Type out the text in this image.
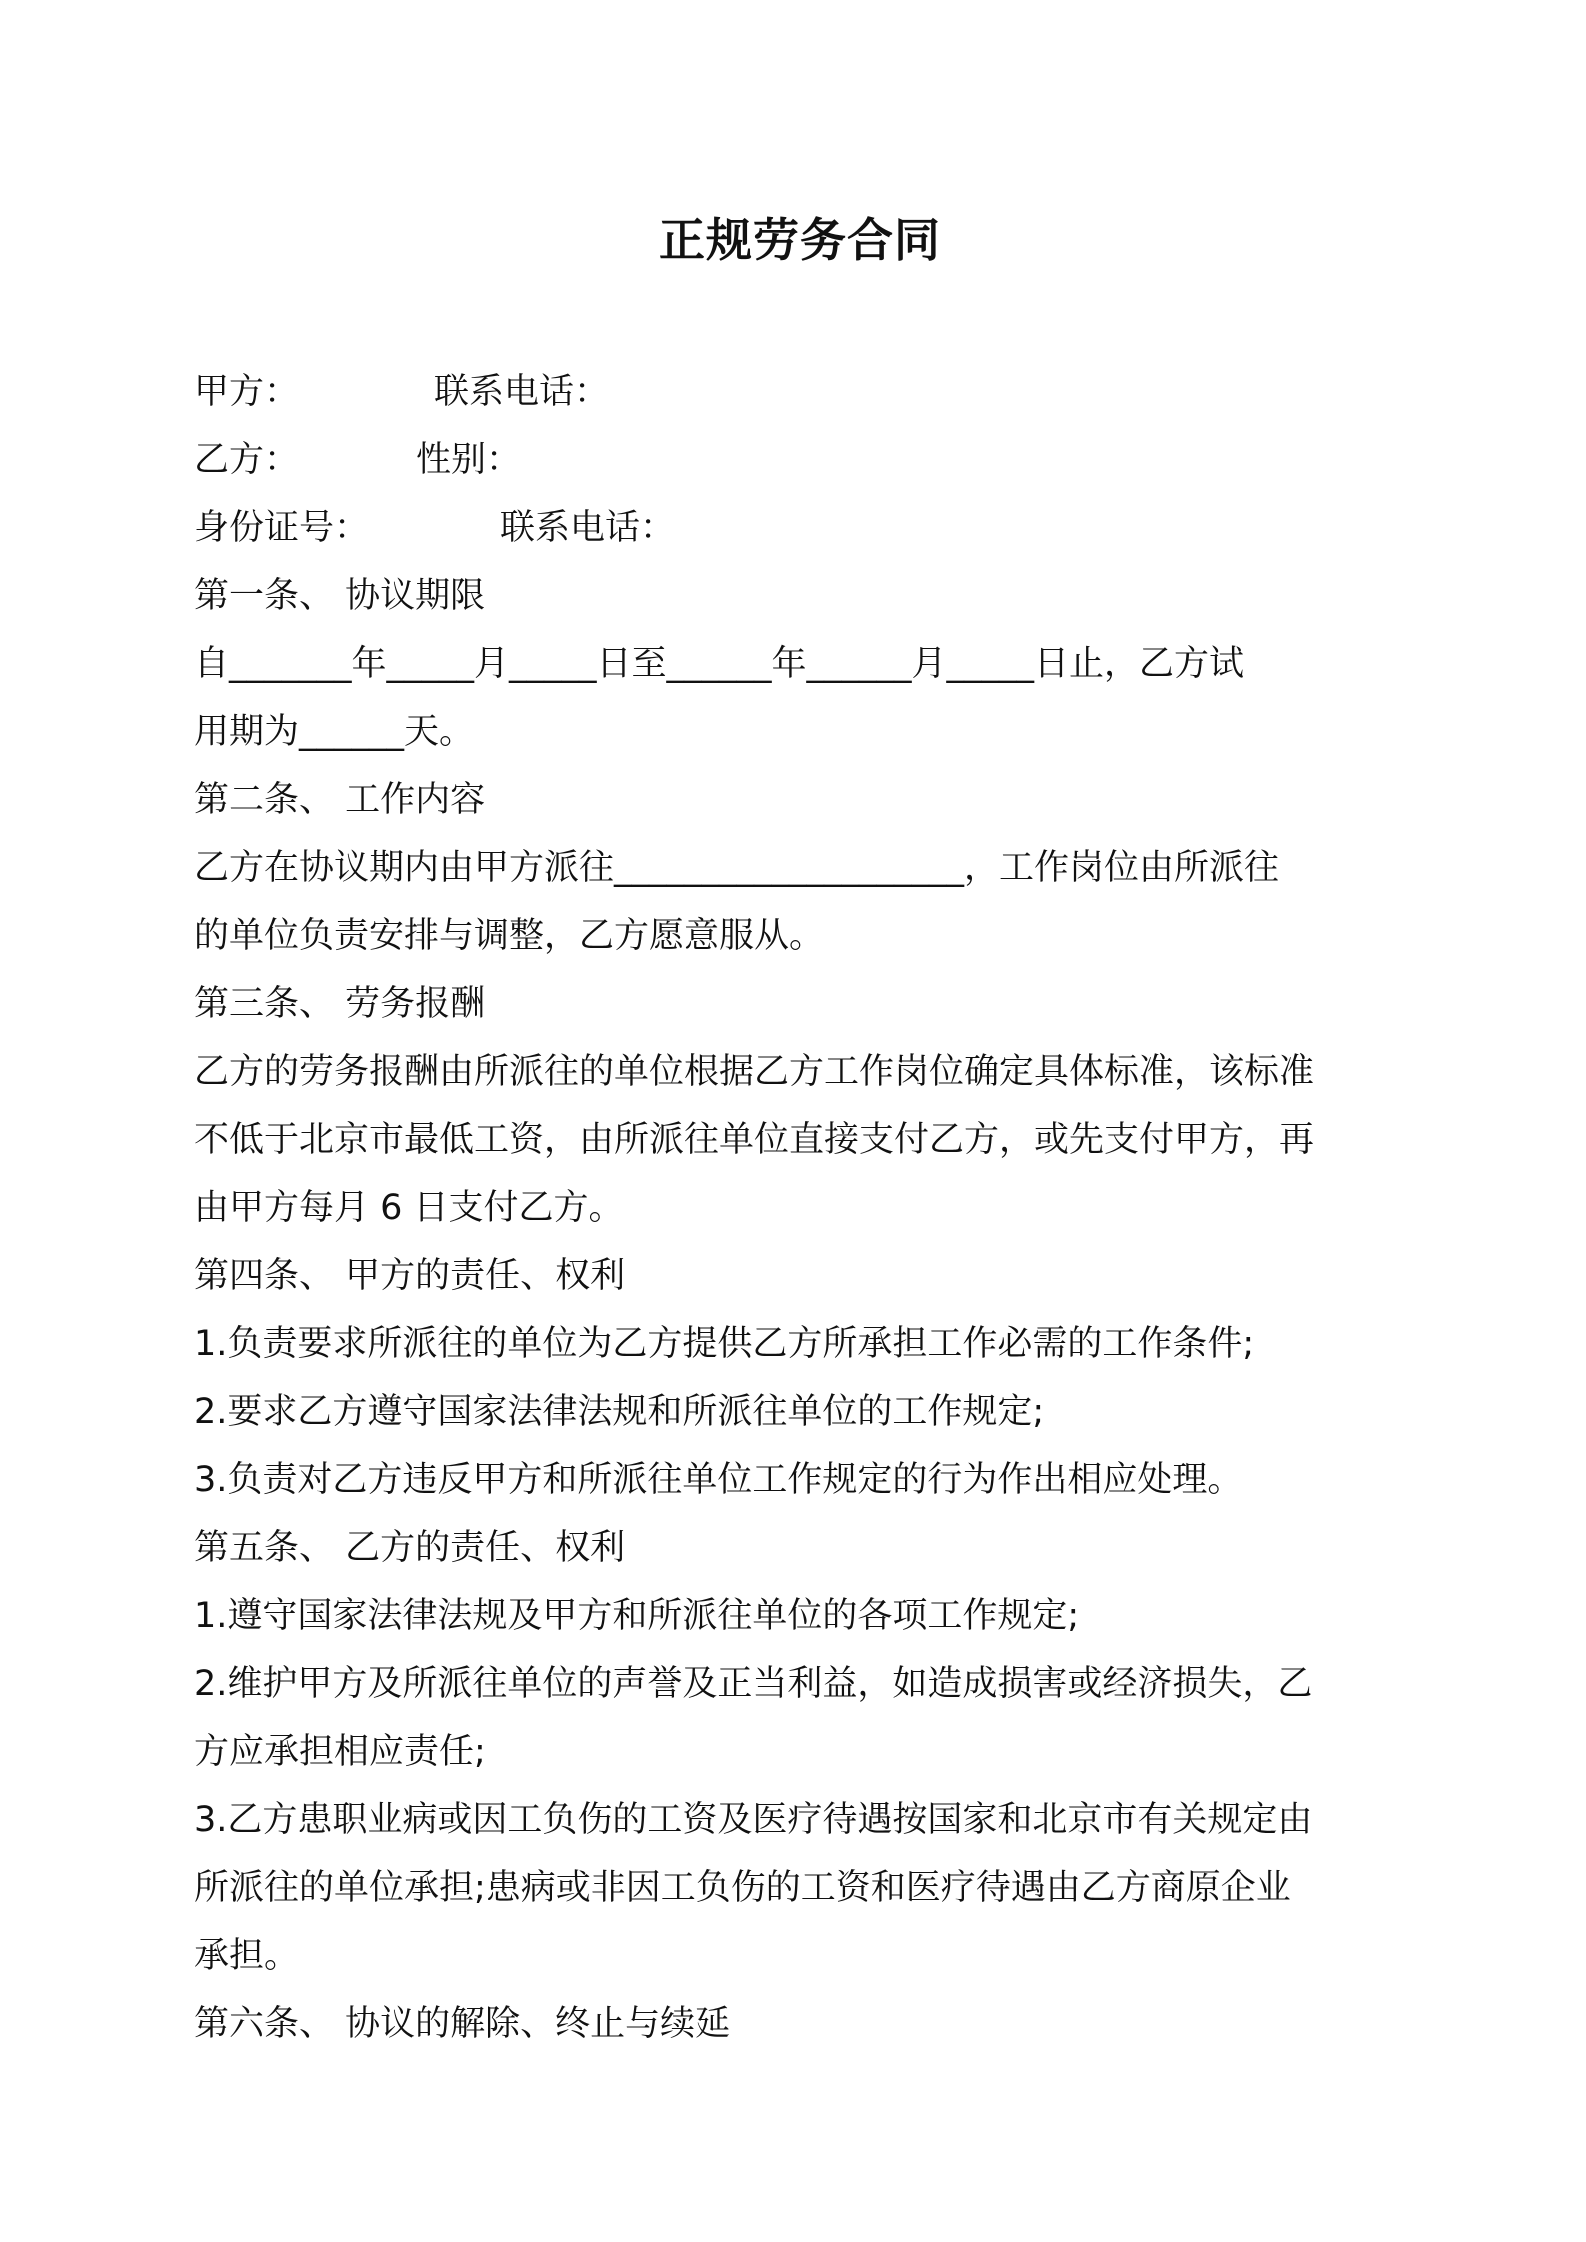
正规劳务合同
甲方：	联系电话：
乙方：	性别：
身份证号：	联系电话：
第一条、 协议期限
自_______年_____月_____日至______年______月_____日止，乙方试
用期为______天。
第二条、 工作内容
乙方在协议期内由甲方派往____________________，工作岗位由所派往
的单位负责安排与调整，乙方愿意服从。
第三条、 劳务报酬
乙方的劳务报酬由所派往的单位根据乙方工作岗位确定具体标准，该标准
不低于北京市最低工资，由所派往单位直接支付乙方，或先支付甲方，再
由甲方每月 6 日支付乙方。
第四条、 甲方的责任、权利
1.负责要求所派往的单位为乙方提供乙方所承担工作必需的工作条件;
2.要求乙方遵守国家法律法规和所派往单位的工作规定;
3.负责对乙方违反甲方和所派往单位工作规定的行为作出相应处理。
第五条、 乙方的责任、权利
1.遵守国家法律法规及甲方和所派往单位的各项工作规定;
2.维护甲方及所派往单位的声誉及正当利益，如造成损害或经济损失，乙
方应承担相应责任;
3.乙方患职业病或因工负伤的工资及医疗待遇按国家和北京市有关规定由
所派往的单位承担;患病或非因工负伤的工资和医疗待遇由乙方商原企业
承担。
第六条、 协议的解除、终止与续延
